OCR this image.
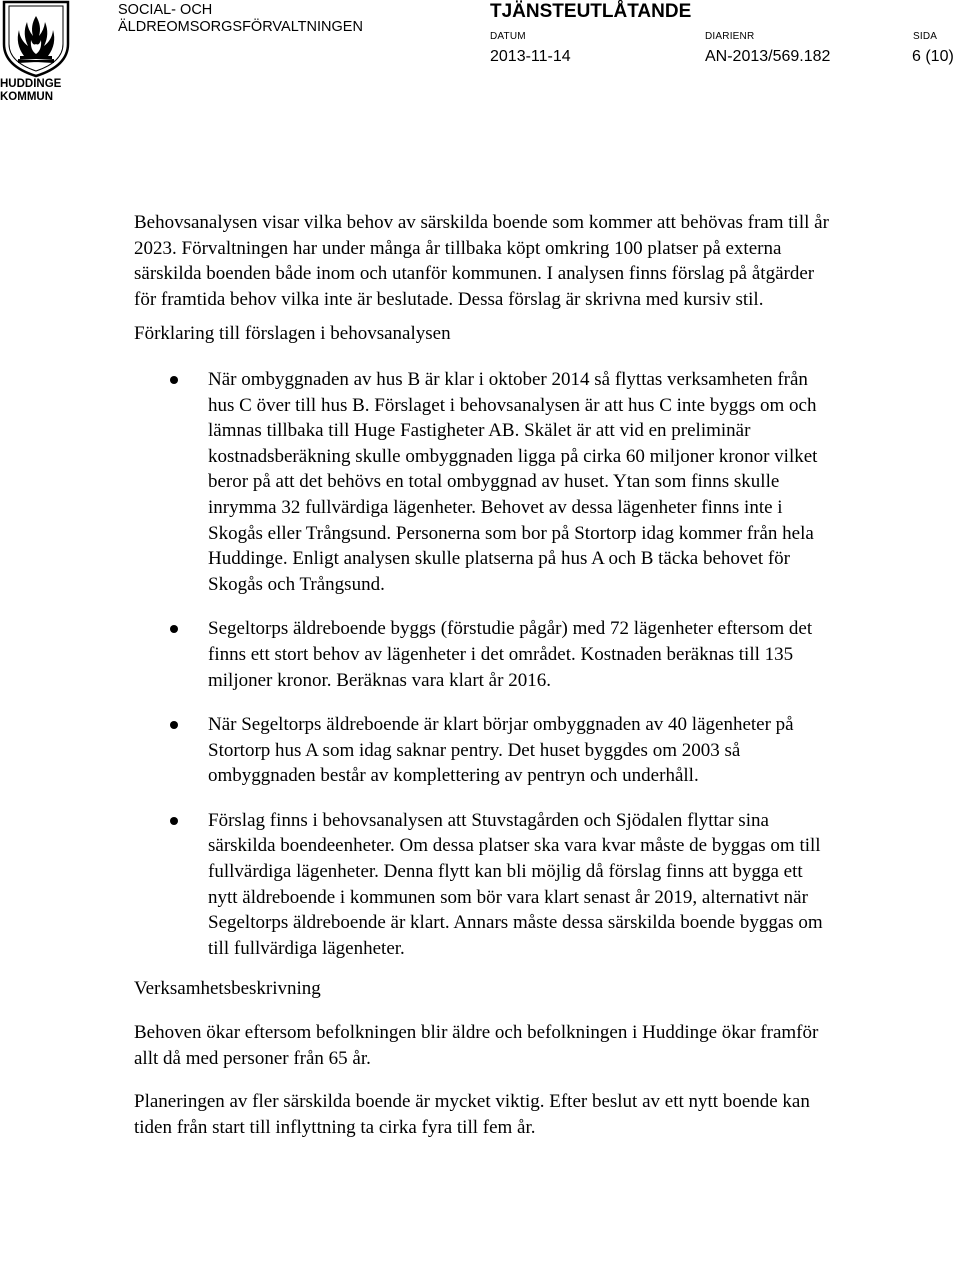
HUDDINGE
KOMMUN
SOCIAL- OCH
ÄLDREOMSORGSFÖRVALTNINGEN
TJÄNSTEUTLÅTANDE
DATUM
2013-11-14
DIARIENR
AN-2013/569.182
SIDA
6 (10)

Behovsanalysen visar vilka behov av särskilda boende som kommer att behövas fram till år 2023. Förvaltningen har under många år tillbaka köpt omkring 100 platser på externa särskilda boenden både inom och utanför kommunen. I analysen finns förslag på åtgärder för framtida behov vilka inte är beslutade. Dessa förslag är skrivna med kursiv stil.

Förklaring till förslagen i behovsanalysen

När ombyggnaden av hus B är klar i oktober 2014 så flyttas verksamheten från hus C över till hus B. Förslaget i behovsanalysen är att hus C inte byggs om och lämnas tillbaka till Huge Fastigheter AB. Skälet är att vid en preliminär kostnadsberäkning skulle ombyggnaden ligga på cirka 60 miljoner kronor vilket beror på att det behövs en total ombyggnad av huset. Ytan som finns skulle inrymma 32 fullvärdiga lägenheter. Behovet av dessa lägenheter finns inte i Skogås eller Trångsund. Personerna som bor på Stortorp idag kommer från hela Huddinge. Enligt analysen skulle platserna på hus A och B täcka behovet för Skogås och Trångsund.
Segeltorps äldreboende byggs (förstudie pågår) med 72 lägenheter eftersom det finns ett stort behov av lägenheter i det området. Kostnaden beräknas till 135 miljoner kronor. Beräknas vara klart år 2016.
När Segeltorps äldreboende är klart börjar ombyggnaden av 40 lägenheter på Stortorp hus A som idag saknar pentry. Det huset byggdes om 2003 så ombyggnaden består av komplettering av pentryn och underhåll.
Förslag finns i behovsanalysen att Stuvstagården och Sjödalen flyttar sina särskilda boendeenheter. Om dessa platser ska vara kvar måste de byggas om till fullvärdiga lägenheter. Denna flytt kan bli möjlig då förslag finns att bygga ett nytt äldreboende i kommunen som bör vara klart senast år 2019, alternativt när Segeltorps äldreboende är klart. Annars måste dessa särskilda boende byggas om till fullvärdiga lägenheter.

Verksamhetsbeskrivning

Behoven ökar eftersom befolkningen blir äldre och befolkningen i Huddinge ökar framför allt då med personer från 65 år.

Planeringen av fler särskilda boende är mycket viktig. Efter beslut av ett nytt boende kan tiden från start till inflyttning ta cirka fyra till fem år.
